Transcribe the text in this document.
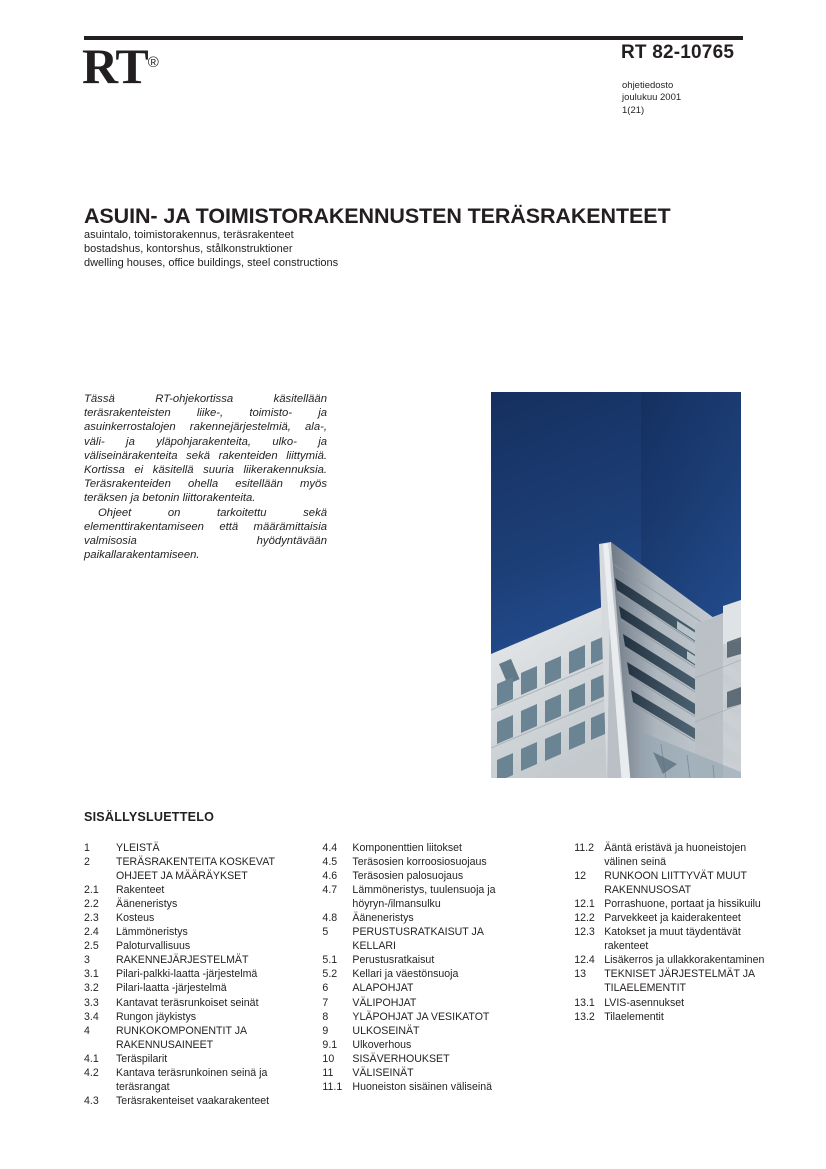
RT®	RT 82-10765
ohjetiedosto
joulukuu 2001
1(21)
ASUIN- JA TOIMISTORAKENNUSTEN TERÄSRAKENTEET
asuintalo, toimistorakennus, teräsrakenteet
bostadshus, kontorshus, stålkonstruktioner
dwelling houses, office buildings, steel constructions

Tässä RT-ohjekortissa käsitellään teräsrakenteisten liike-, toimisto- ja asuinkerrostalojen rakennejärjestelmiä, ala-, väli- ja yläpohjarakenteita, ulko- ja väliseinärakenteita sekä rakenteiden liittymiä. Kortissa ei käsitellä suuria liikerakennuksia. Teräsrakenteiden ohella esitellään myös teräksen ja betonin liittorakenteita.

Ohjeet on tarkoitettu sekä elementtirakentamiseen että määrämittaisia valmisosia hyödyntävään paikallarakentamiseen.

SISÄLLYSLUETTELO
1	YLEISTÄ
2	TERÄSRAKENTEITA KOSKEVAT
OHJEET JA MÄÄRÄYKSET
2.1	Rakenteet
2.2	Ääneneristys
2.3	Kosteus
2.4	Lämmöneristys
2.5	Paloturvallisuus
3	RAKENNEJÄRJESTELMÄT
3.1	Pilari-palkki-laatta -järjestelmä
3.2	Pilari-laatta -järjestelmä
3.3	Kantavat teräsrunkoiset seinät
3.4	Rungon jäykistys
4	RUNKOKOMPONENTIT JA
RAKENNUSAINEET
4.1	Teräspilarit
4.2	Kantava teräsrunkoinen seinä ja
teräsrangat
4.3	Teräsrakenteiset vaakarakenteet
4.4	Komponenttien liitokset
4.5	Teräsosien korroosiosuojaus
4.6	Teräsosien palosuojaus
4.7	Lämmöneristys, tuulensuoja ja
höyryn-/ilmansulku
4.8	Ääneneristys
5	PERUSTUSRATKAISUT JA
KELLARI
5.1	Perustusratkaisut
5.2	Kellari ja väestönsuoja
6	ALAPOHJAT
7	VÄLIPOHJAT
8	YLÄPOHJAT JA VESIKATOT
9	ULKOSEINÄT
9.1	Ulkoverhous
10	SISÄVERHOUKSET
11	VÄLISEINÄT
11.1 Huoneiston sisäinen väliseinä
11.2 Ääntä eristävä ja huoneistojen
välinen seinä
12	RUNKOON LIITTYVÄT MUUT
RAKENNUSOSAT
12.1 Porrashuone, portaat ja hissikuilu
12.2 Parvekkeet ja kaiderakenteet
12.3 Katokset ja muut täydentävät
rakenteet
12.4 Lisäkerros ja ullakkorakentaminen
13	TEKNISET JÄRJESTELMÄT JA
TILAELEMENTIT
13.1 LVIS-asennukset
13.2 Tilaelementit
